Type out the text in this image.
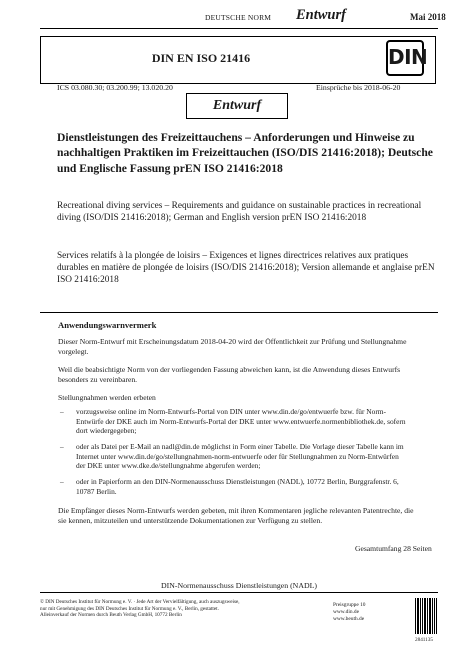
DEUTSCHE NORM Entwurf	Mai 2018
DIN EN ISO 21416	DIN
ICS 03.080.30; 03.200.99; 13.020.20	Einsprüche bis 2018-06-20
Entwurf
Dienstleistungen des Freizeittauchens – Anforderungen und Hinweise zu nachhaltigen Praktiken im Freizeittauchen (ISO/DIS 21416:2018); Deutsche und Englische Fassung prEN ISO 21416:2018
Recreational diving services – Requirements and guidance on sustainable practices in recreational diving (ISO/DIS 21416:2018); German and English version prEN ISO 21416:2018
Services relatifs à la plongée de loisirs – Exigences et lignes directrices relatives aux pratiques durables en matière de plongée de loisirs (ISO/DIS 21416:2018); Version allemande et anglaise prEN ISO 21416:2018
Anwendungswarnvermerk
Dieser Norm-Entwurf mit Erscheinungsdatum 2018-04-20 wird der Öffentlichkeit zur Prüfung und Stellungnahme vorgelegt.
Weil die beabsichtigte Norm von der vorliegenden Fassung abweichen kann, ist die Anwendung dieses Entwurfs besonders zu vereinbaren.
Stellungnahmen werden erbeten
– vorzugsweise online im Norm-Entwurfs-Portal von DIN unter www.din.de/go/entwuerfe bzw. für Norm-Entwürfe der DKE auch im Norm-Entwurfs-Portal der DKE unter www.entwuerfe.normenbibliothek.de, sofern dort wiedergegeben;
– oder als Datei per E-Mail an nadl@din.de möglichst in Form einer Tabelle. Die Vorlage dieser Tabelle kann im Internet unter www.din.de/go/stellungnahmen-norm-entwuerfe oder für Stellungnahmen zu Norm-Entwürfen der DKE unter www.dke.de/stellungnahme abgerufen werden;
– oder in Papierform an den DIN-Normenausschuss Dienstleistungen (NADL), 10772 Berlin, Burggrafenstr. 6, 10787 Berlin.
Die Empfänger dieses Norm-Entwurfs werden gebeten, mit ihren Kommentaren jegliche relevanten Patentrechte, die sie kennen, mitzuteilen und unterstützende Dokumentationen zur Verfügung zu stellen.
Gesamtumfang 28 Seiten
DIN-Normenausschuss Dienstleistungen (NADL)
© DIN Deutsches Institut für Normung e. V. · Jede Art der Vervielfältigung, auch auszugsweise,
nur mit Genehmigung des DIN Deutsches Institut für Normung e. V., Berlin, gestattet.
Alleinverkauf der Normen durch Beuth Verlag GmbH, 10772 Berlin
Preisgruppe 10
www.din.de
www.beuth.de
2841135
